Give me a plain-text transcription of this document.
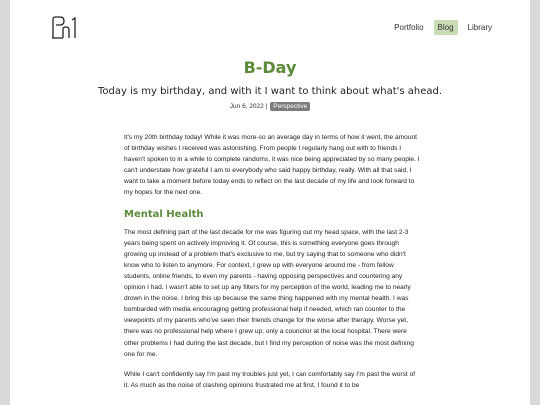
Portfolio	Blog	Library
B-Day
Today is my birthday, and with it I want to think about what's ahead.
Jun 6, 2022 | Perspective

It's my 20th birthday today! While it was more-so an average day in terms of how it went, the amount of birthday wishes I received was astonishing. From people I regularly hang out with to friends I haven't spoken to in a while to complete randoms, it was nice being appreciated by so many people. I can't understate how grateful I am to everybody who said happy birthday, really. With all that said, I want to take a moment before today ends to reflect on the last decade of my life and look forward to my hopes for the next one.

Mental Health

The most defining part of the last decade for me was figuring out my head space, with the last 2-3 years being spent on actively improving it. Of course, this is something everyone goes through growing up instead of a problem that's exclusive to me, but try saying that to someone who didn't know who to listen to anymore. For context, I grew up with everyone around me - from fellow students, online friends, to even my parents - having opposing perspectives and countering any opinion I had. I wasn't able to set up any filters for my perception of the world, leading me to nearly drown in the noise. I bring this up because the same thing happened with my mental health. I was bombarded with media encouraging getting professional help if needed, which ran counter to the viewpoints of my parents who've seen their friends change for the worse after therapy. Worse yet, there was no professional help where I grew up; only a councilor at the local hospital. There were other problems I had during the last decade, but I find my perception of noise was the most defining one for me.

While I can't confidently say I'm past my troubles just yet, I can comfortably say I'm past the worst of it. As much as the noise of clashing opinions frustrated me at first, I found it to be
